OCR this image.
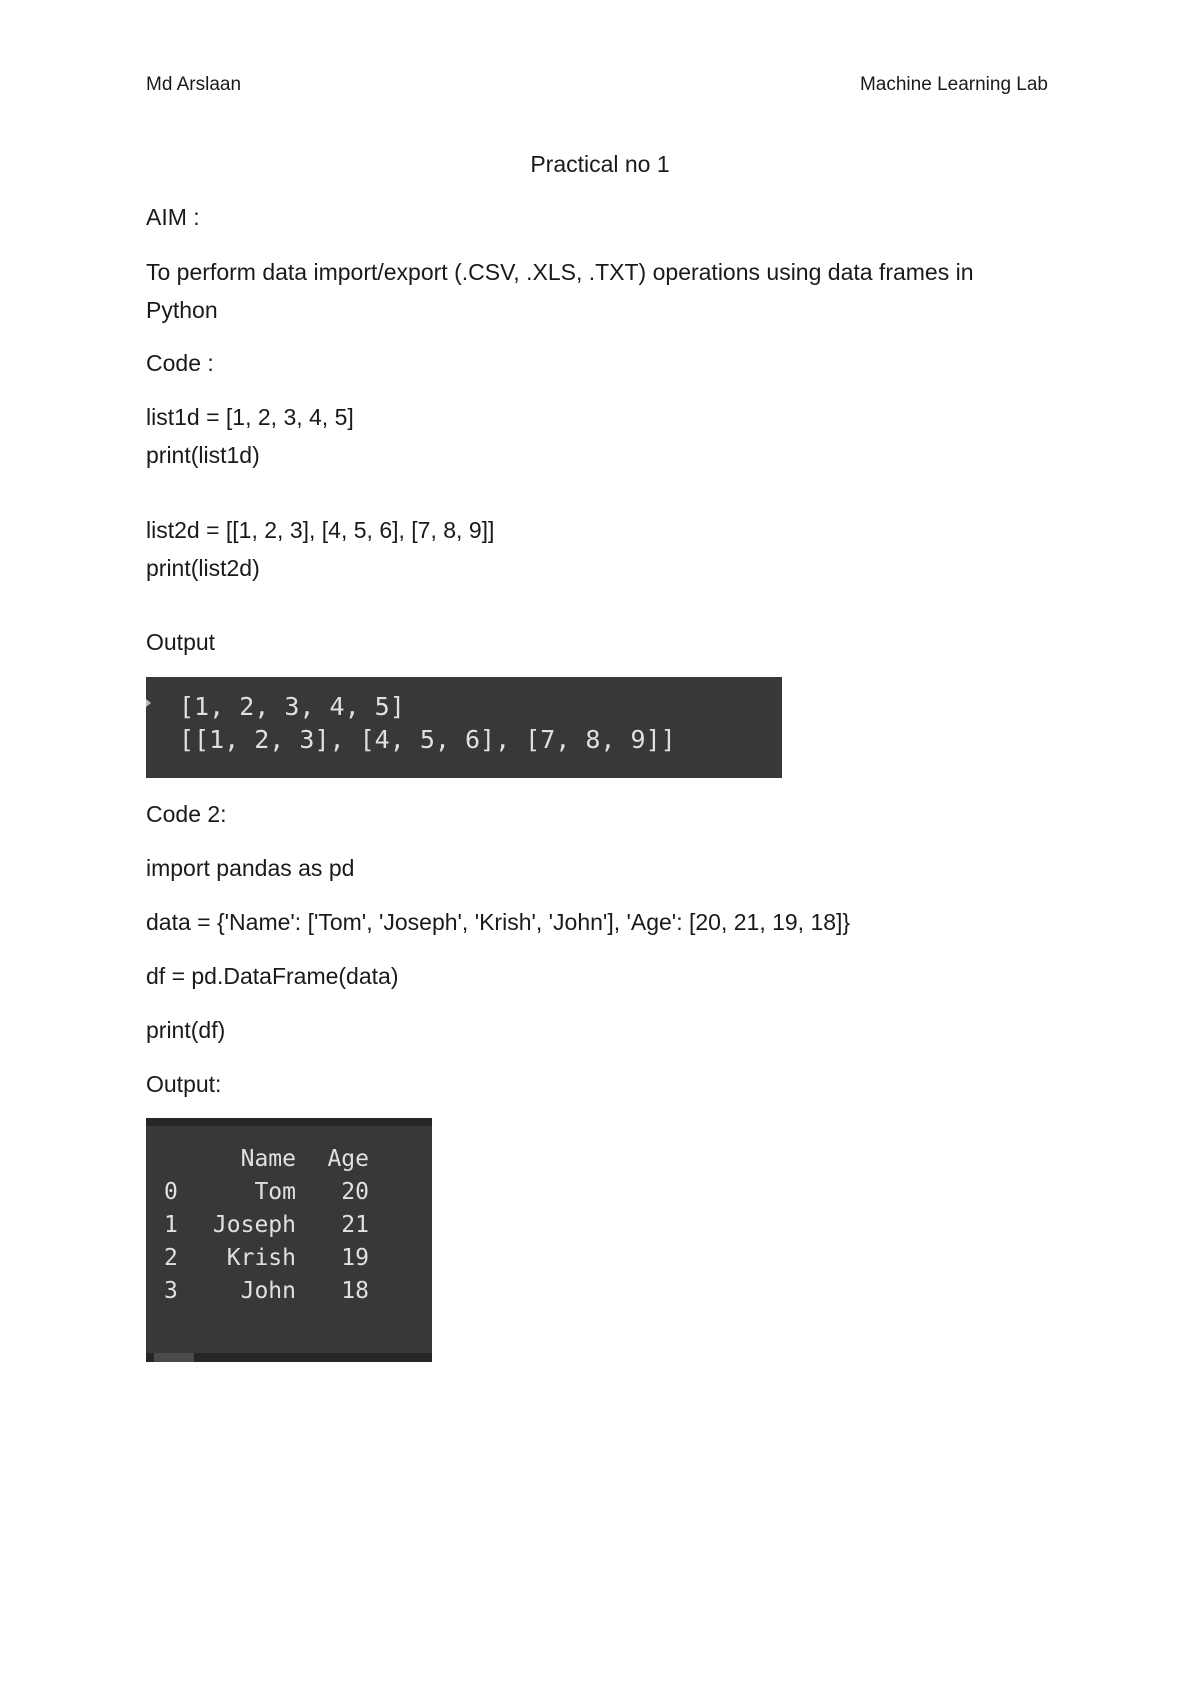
Md Arslaan	Machine Learning Lab
Practical no 1
AIM :
To perform data import/export (.CSV, .XLS, .TXT) operations using data frames in Python
Code :
list1d = [1, 2, 3, 4, 5]
print(list1d)
list2d = [[1, 2, 3], [4, 5, 6], [7, 8, 9]]
print(list2d)
Output
[1, 2, 3, 4, 5]
[[1, 2, 3], [4, 5, 6], [7, 8, 9]]
Code 2:
import pandas as pd
data = {'Name': ['Tom', 'Joseph', 'Krish', 'John'], 'Age': [20, 21, 19, 18]}
df = pd.DataFrame(data)
print(df)
Output:
Name Age
0	Tom 20
1 Joseph 21
2 Krish 19
3	John 18
